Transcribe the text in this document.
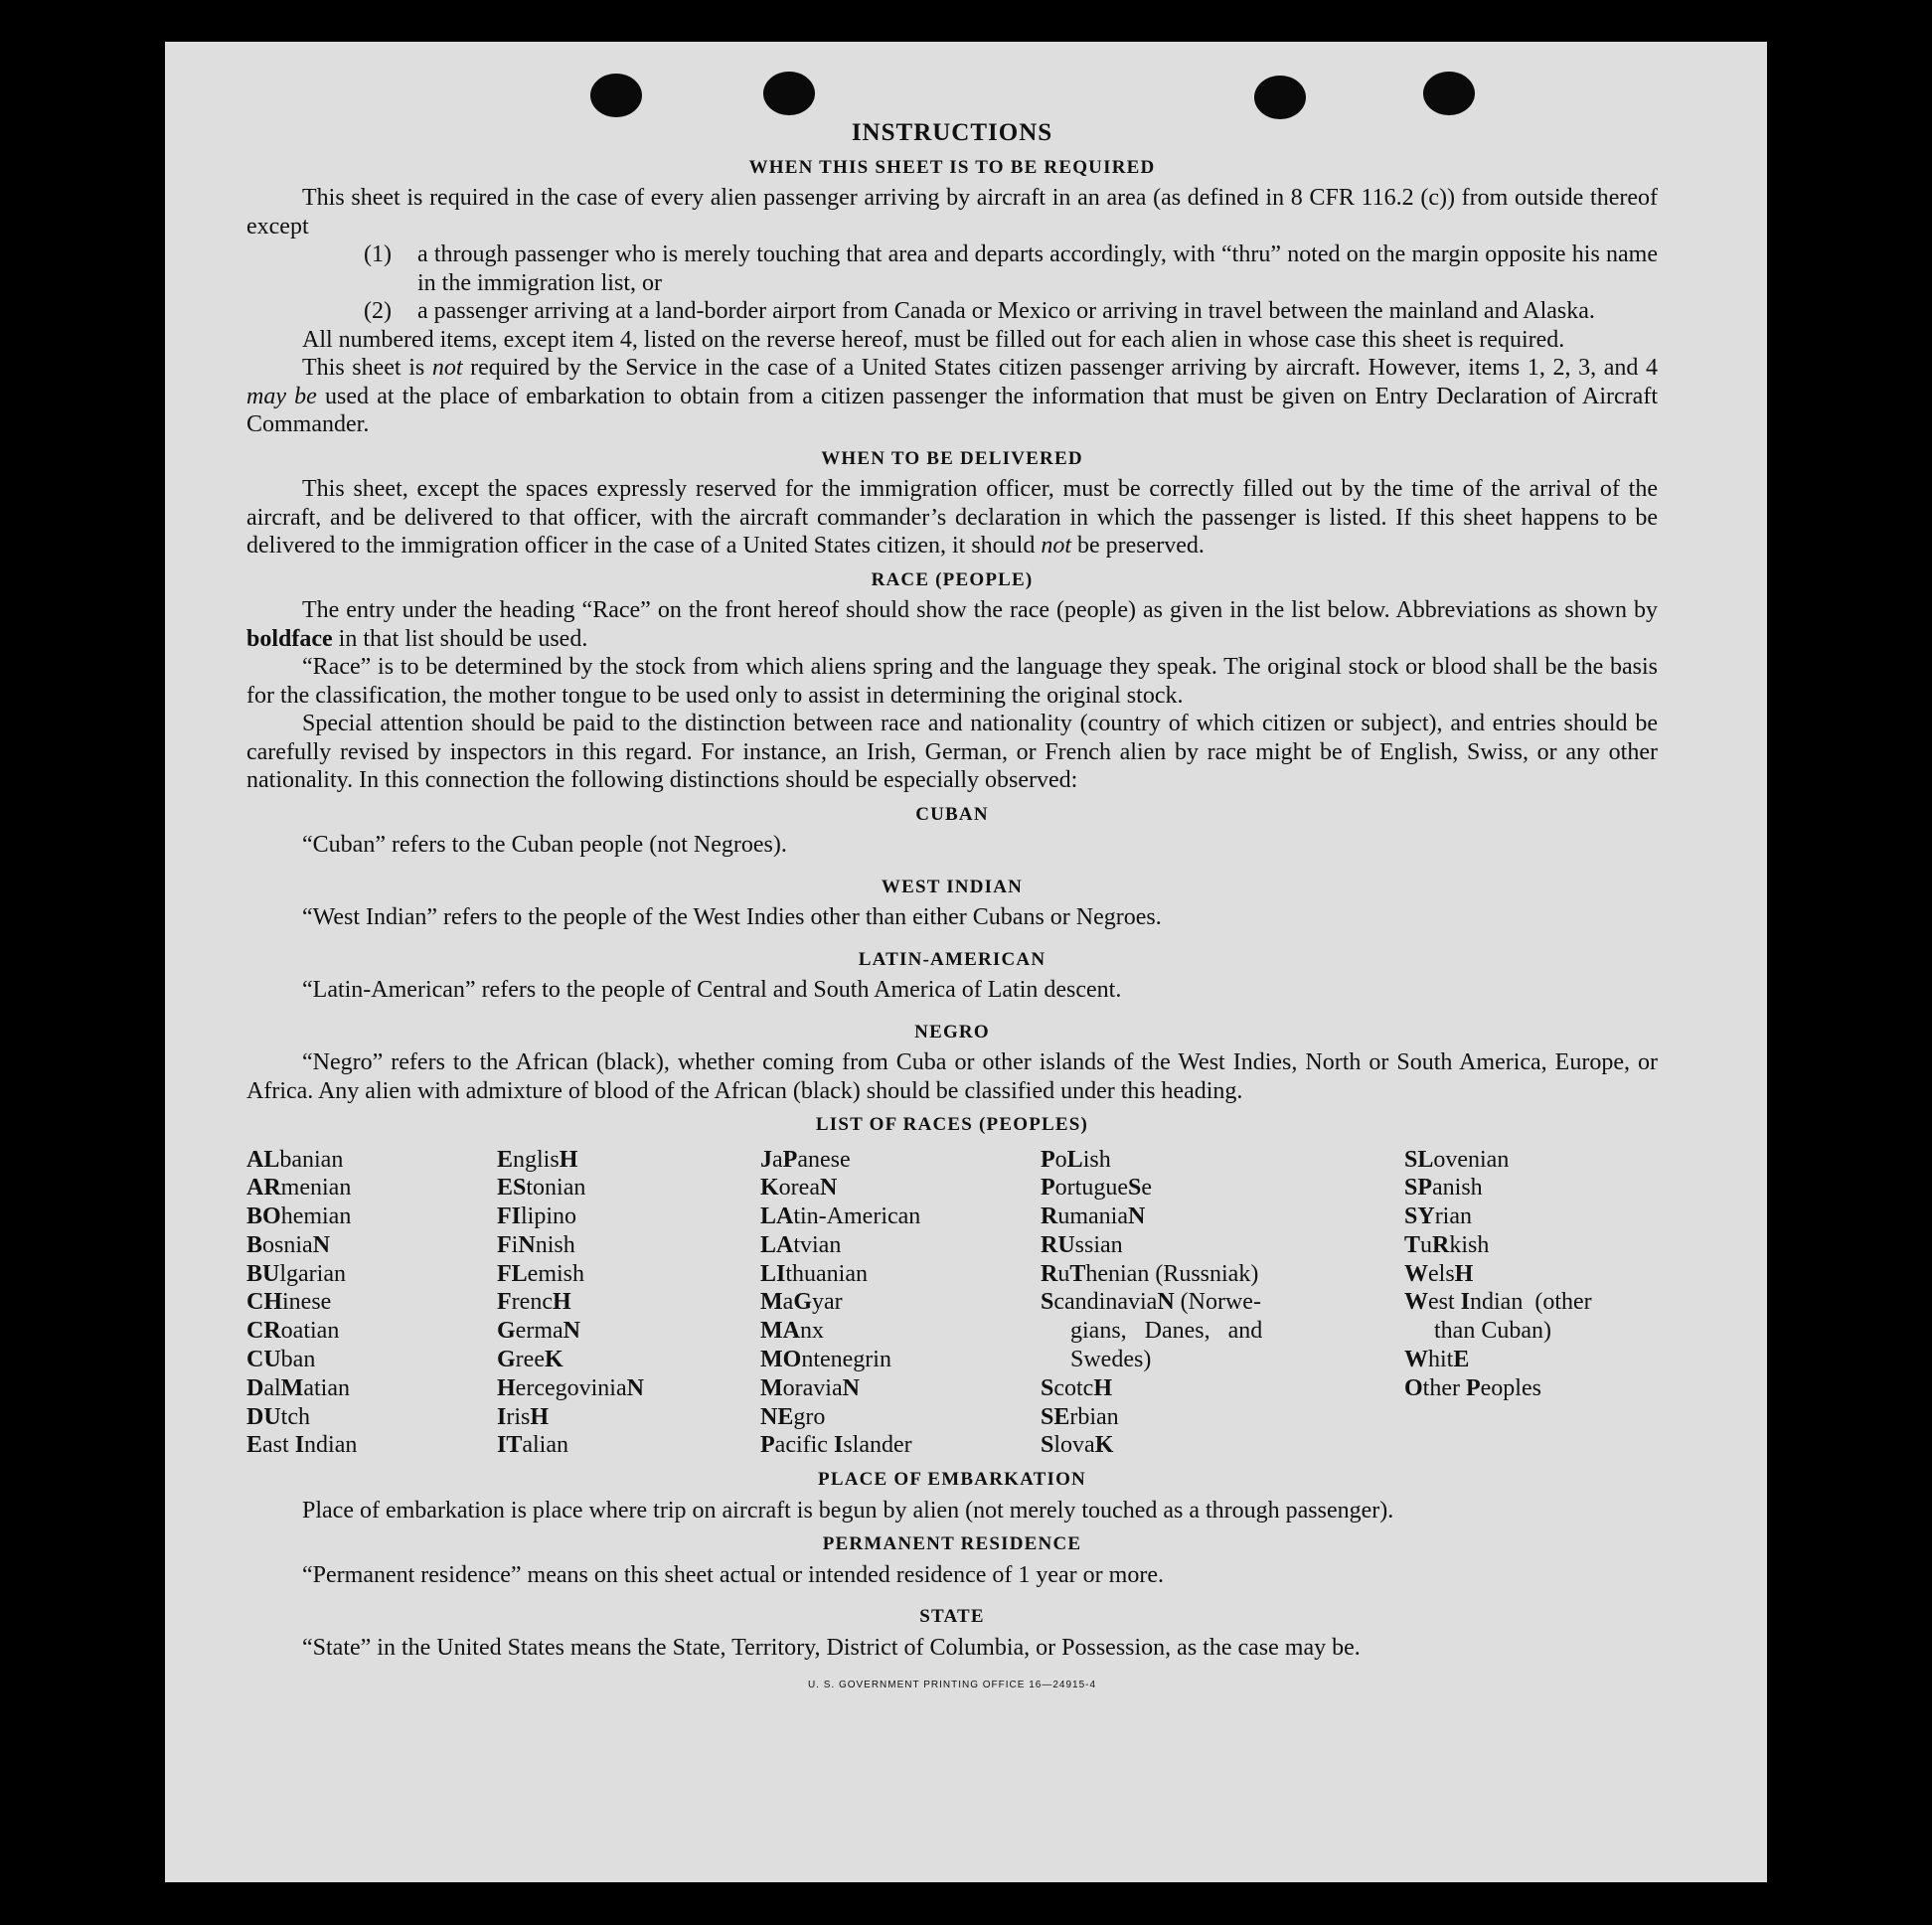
INSTRUCTIONS
WHEN THIS SHEET IS TO BE REQUIRED

This sheet is required in the case of every alien passenger arriving by aircraft in an area (as defined in 8 CFR 116.2 (c)) from outside thereof except

(1)	a through passenger who is merely touching that area and departs accordingly, with “thru” noted on the margin opposite his name in the immigration list, or
(2)	a passenger arriving at a land-border airport from Canada or Mexico or arriving in travel between the mainland and Alaska.

All numbered items, except item 4, listed on the reverse hereof, must be filled out for each alien in whose case this sheet is required.

This sheet is not required by the Service in the case of a United States citizen passenger arriving by aircraft. However, items 1, 2, 3, and 4 may be used at the place of embarkation to obtain from a citizen passenger the information that must be given on Entry Declaration of Aircraft Commander.

WHEN TO BE DELIVERED

This sheet, except the spaces expressly reserved for the immigration officer, must be correctly filled out by the time of the arrival of the aircraft, and be delivered to that officer, with the aircraft commander’s declaration in which the passenger is listed. If this sheet happens to be delivered to the immigration officer in the case of a United States citizen, it should not be preserved.

RACE (PEOPLE)

The entry under the heading “Race” on the front hereof should show the race (people) as given in the list below. Abbreviations as shown by boldface in that list should be used.

“Race” is to be determined by the stock from which aliens spring and the language they speak. The original stock or blood shall be the basis for the classification, the mother tongue to be used only to assist in determining the original stock.

Special attention should be paid to the distinction between race and nationality (country of which citizen or subject), and entries should be carefully revised by inspectors in this regard. For instance, an Irish, German, or French alien by race might be of English, Swiss, or any other nationality. In this connection the following distinctions should be especially observed:

CUBAN

“Cuban” refers to the Cuban people (not Negroes).

WEST INDIAN

“West Indian” refers to the people of the West Indies other than either Cubans or Negroes.

LATIN-AMERICAN

“Latin-American” refers to the people of Central and South America of Latin descent.

NEGRO

“Negro” refers to the African (black), whether coming from Cuba or other islands of the West Indies, North or South America, Europe, or Africa. Any alien with admixture of blood of the African (black) should be classified under this heading.

LIST OF RACES (PEOPLES)
ALbanian
ARmenian
BOhemian
BosniaN
BUlgarian
CHinese
CRoatian
CUban
DalMatian
DUtch
East Indian
EnglisH
EStonian
FIlipino
FiNnish
FLemish
FrencH
GermaN
GreeK
HercegoviniaN
IrisH
ITalian
JaPanese
KoreaN
LAtin-American
LAtvian
LIthuanian
MaGyar
MAnx
MOntenegrin
MoraviaN
NEgro
Pacific Islander
PoLish
PortugueSe
RumaniaN
RUssian
RuThenian (Russniak)
ScandinaviaN (Norwe-
gians,   Danes,   and
Swedes)
ScotcH
SErbian
SlovaK
SLovenian
SPanish
SYrian
TuRkish
WelsH
West Indian  (other
than Cuban)
WhitE
Other Peoples
PLACE OF EMBARKATION

Place of embarkation is place where trip on aircraft is begun by alien (not merely touched as a through passenger).

PERMANENT RESIDENCE

“Permanent residence” means on this sheet actual or intended residence of 1 year or more.

STATE

“State” in the United States means the State, Territory, District of Columbia, or Possession, as the case may be.

U. S. GOVERNMENT PRINTING OFFICE 16—24915-4
